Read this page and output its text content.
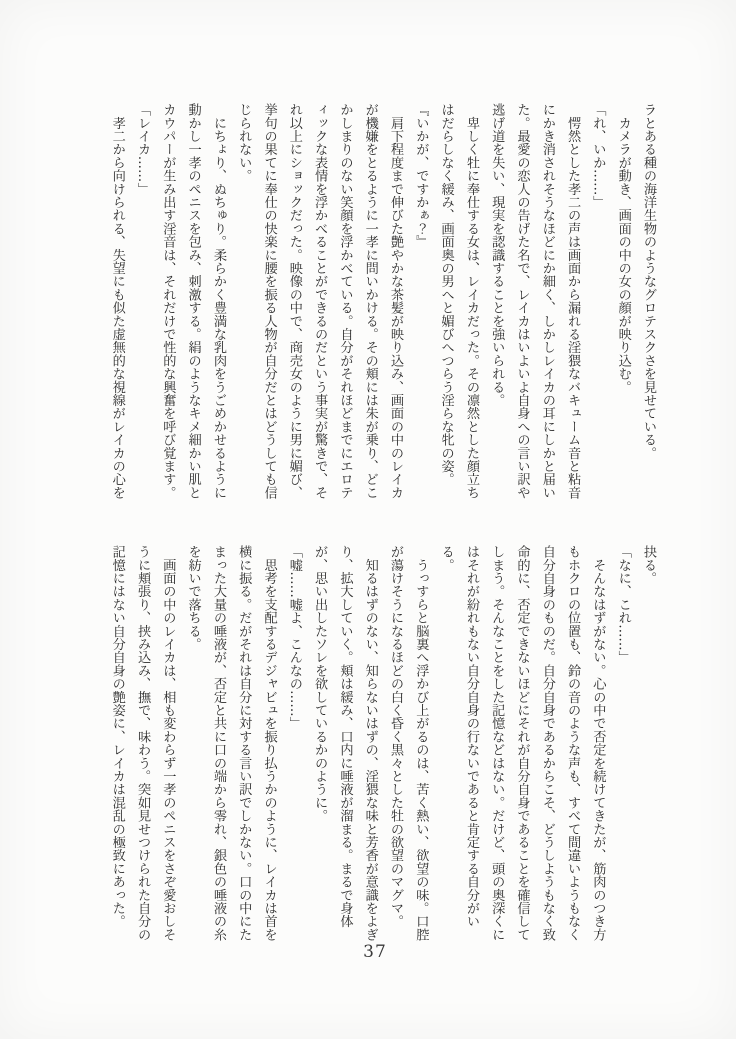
ラとある種の海洋生物のようなグロテスクさを見せている。
　カメラが動き、画面の中の女の顔が映り込む。
「れ、いか……」
　愕然とした孝二の声は画面から漏れる淫猥なバキューム音と粘音
にかき消されそうなほどにか細く、しかしレイカの耳にしかと届い
た。最愛の恋人の告げた名で、レイカはいよいよ自身への言い訳や
逃げ道を失い、現実を認識することを強いられる。
　卑しく牡に奉仕する女は、レイカだった。その凛然とした顔立ち
はだらしなく緩み、画面奥の男へと媚びへつらう淫らな牝の姿。
『いかが、ですかぁ？』
　肩下程度まで伸びた艶やかな茶髪が映り込み、画面の中のレイカ
が機嫌をとるように一孝に問いかける。その頬には朱が乗り、どこ
かしまりのない笑顔を浮かべている。自分がそれほどまでにエロテ
ィックな表情を浮かべることができるのだという事実が驚きで、そ
れ以上にショックだった。映像の中で、商売女のように男に媚び、
挙句の果てに奉仕の快楽に腰を振る人物が自分だとはどうしても信
じられない。
　にちょり、ぬちゅり。柔らかく豊満な乳肉をうごめかせるように
動かし一孝のペニスを包み、刺激する。絹のようなキメ細かい肌と
カウパーが生み出す淫音は、それだけで性的な興奮を呼び覚ます。
「レイカ……」
　孝二から向けられる、失望にも似た虚無的な視線がレイカの心を
抉る。
「なに、これ……」
　そんなはずがない。心の中で否定を続けてきたが、筋肉のつき方
もホクロの位置も、鈴の音のような声も、すべて間違いようもなく
自分自身のものだ。自分自身であるからこそ、どうしようもなく致
命的に、否定できないほどにそれが自分自身であることを確信して
しまう。そんなことをした記憶などはない。だけど、頭の奥深くに
はそれが紛れもない自分自身の行ないであると肯定する自分がい
る。
　うっすらと脳裏へ浮かび上がるのは、苦く熱い、欲望の味。口腔
が蕩けそうになるほどの白く昏く黒々とした牡の欲望のマグマ。
　知るはずのない、知らないはずの、淫猥な味と芳香が意識をよぎ
り、拡大していく。頬は緩み、口内に唾液が溜まる。まるで身体
が、思い出したソレを欲しているかのように。
「嘘……嘘よ、こんなの……」
　思考を支配するデジャビュを振り払うかのように、レイカは首を
横に振る。だがそれは自分に対する言い訳でしかない。口の中にた
まった大量の唾液が、否定と共に口の端から零れ、銀色の唾液の糸
を紡いで落ちる。
　画面の中のレイカは、相も変わらず一孝のペニスをさぞ愛おしそ
うに頬張り、挟み込み、撫で、味わう。突如見せつけられた自分の
記憶にはない自分自身の艶姿に、レイカは混乱の極致にあった。
37
